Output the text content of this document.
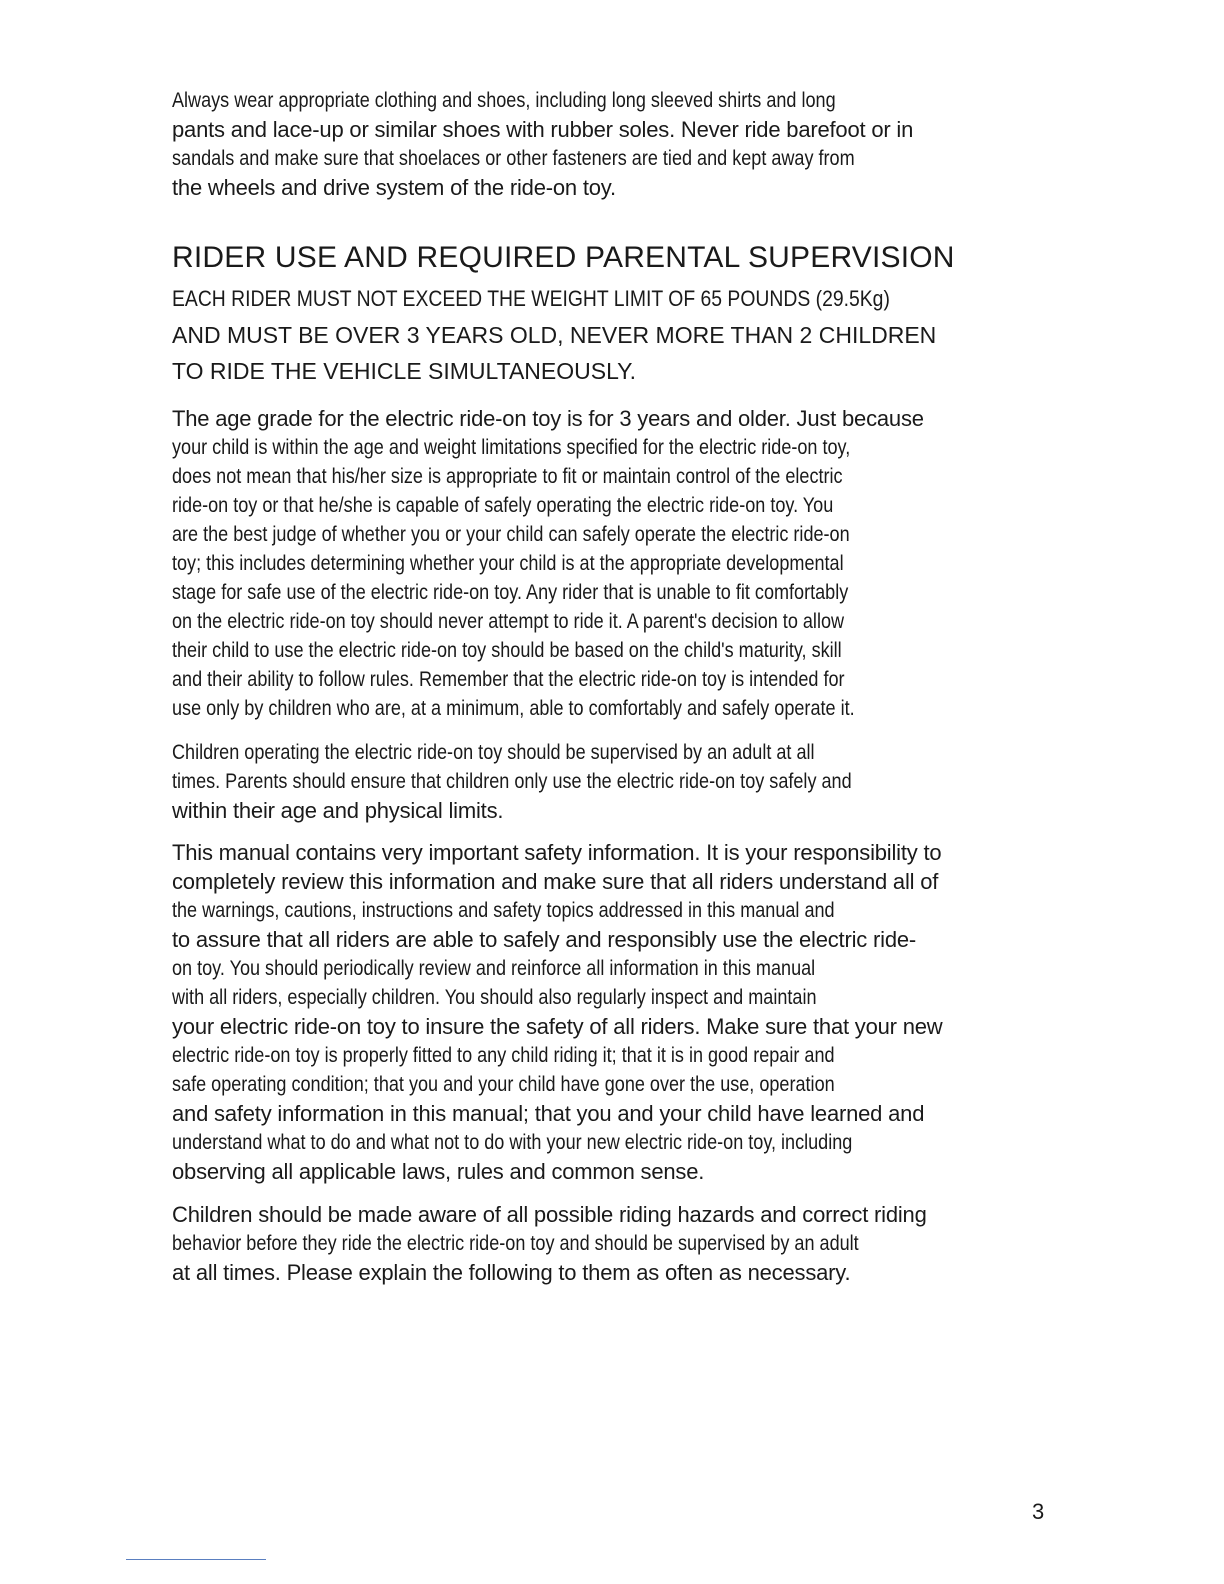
Always wear appropriate clothing and shoes, including long sleeved shirts and long
pants and lace-up or similar shoes with rubber soles. Never ride barefoot or in
sandals and make sure that shoelaces or other fasteners are tied and kept away from
the wheels and drive system of the ride-on toy.
RIDER USE AND REQUIRED PARENTAL SUPERVISION
EACH RIDER MUST NOT EXCEED THE WEIGHT LIMIT OF 65 POUNDS (29.5Kg)
AND MUST BE OVER 3 YEARS OLD, NEVER MORE THAN 2 CHILDREN
TO RIDE THE VEHICLE SIMULTANEOUSLY.
The age grade for the electric ride-on toy is for 3 years and older. Just because
your child is within the age and weight limitations specified for the electric ride-on toy,
does not mean that his/her size is appropriate to fit or maintain control of the electric
ride-on toy or that he/she is capable of safely operating the electric ride-on toy. You
are the best judge of whether you or your child can safely operate the electric ride-on
toy; this includes determining whether your child is at the appropriate developmental
stage for safe use of the electric ride-on toy. Any rider that is unable to fit comfortably
on the electric ride-on toy should never attempt to ride it. A parent's decision to allow
their child to use the electric ride-on toy should be based on the child's maturity, skill
and their ability to follow rules. Remember that the electric ride-on toy is intended for
use only by children who are, at a minimum, able to comfortably and safely operate it.
Children operating the electric ride-on toy should be supervised by an adult at all
times. Parents should ensure that children only use the electric ride-on toy safely and
within their age and physical limits.
This manual contains very important safety information. It is your responsibility to
completely review this information and make sure that all riders understand all of
the warnings, cautions, instructions and safety topics addressed in this manual and
to assure that all riders are able to safely and responsibly use the electric ride-
on toy. You should periodically review and reinforce all information in this manual
with all riders, especially children. You should also regularly inspect and maintain
your electric ride-on toy to insure the safety of all riders. Make sure that your new
electric ride-on toy is properly fitted to any child riding it; that it is in good repair and
safe operating condition; that you and your child have gone over the use, operation
and safety information in this manual; that you and your child have learned and
understand what to do and what not to do with your new electric ride-on toy, including
observing all applicable laws, rules and common sense.
Children should be made aware of all possible riding hazards and correct riding
behavior before they ride the electric ride-on toy and should be supervised by an adult
at all times. Please explain the following to them as often as necessary.
3
